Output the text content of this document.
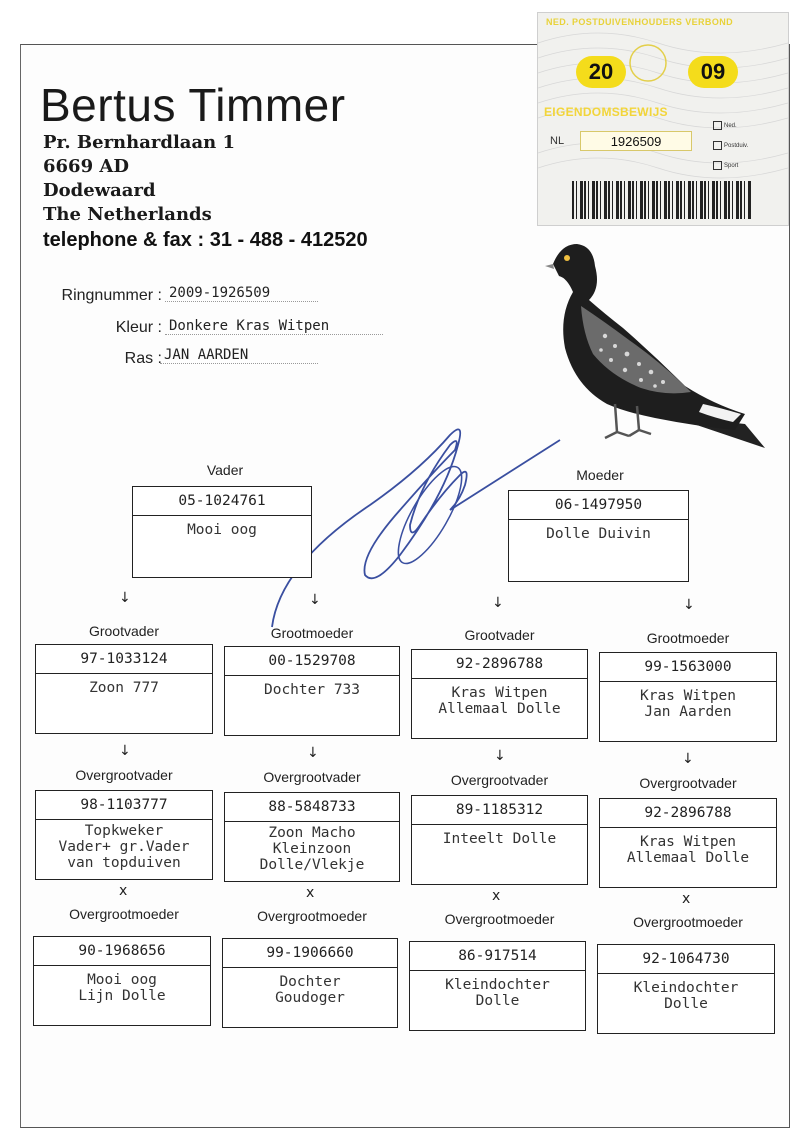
Bertus Timmer
Pr. Bernhardlaan 1
6669 AD
Dodewaard
The Netherlands
telephone & fax : 31 - 488 - 412520
Ringnummer : 2009-1926509
Kleur : Donkere Kras Witpen
Ras : JAN AARDEN
NED. POSTDUIVENHOUDERS VERBOND
20	09
EIGENDOMSBEWIJS
NL	1926509
Ned.
Postduiv.
Sport
Vader
05-1024761
Mooi oog
Moeder
06-1497950
Dolle Duivin
↓	↓	↓	↓
Grootvader	Grootmoeder	Grootvader	Grootmoeder
97-1033124
Zoon 777
00-1529708
Dochter 733
92-2896788
Kras Witpen
Allemaal Dolle
99-1563000
Kras Witpen
Jan Aarden
↓	↓	↓	↓
Overgrootvader	Overgrootvader	Overgrootvader	Overgrootvader
98-1103777
Topkweker
Vader+ gr.Vader
van topduiven
88-5848733
Zoon Macho
Kleinzoon
Dolle/Vlekje
89-1185312
Inteelt Dolle
92-2896788
Kras Witpen
Allemaal Dolle
x	x	x	x
Overgrootmoeder	Overgrootmoeder	Overgrootmoeder	Overgrootmoeder
90-1968656
Mooi oog
Lijn Dolle
99-1906660
Dochter
Goudoger
86-917514
Kleindochter
Dolle
92-1064730
Kleindochter
Dolle
